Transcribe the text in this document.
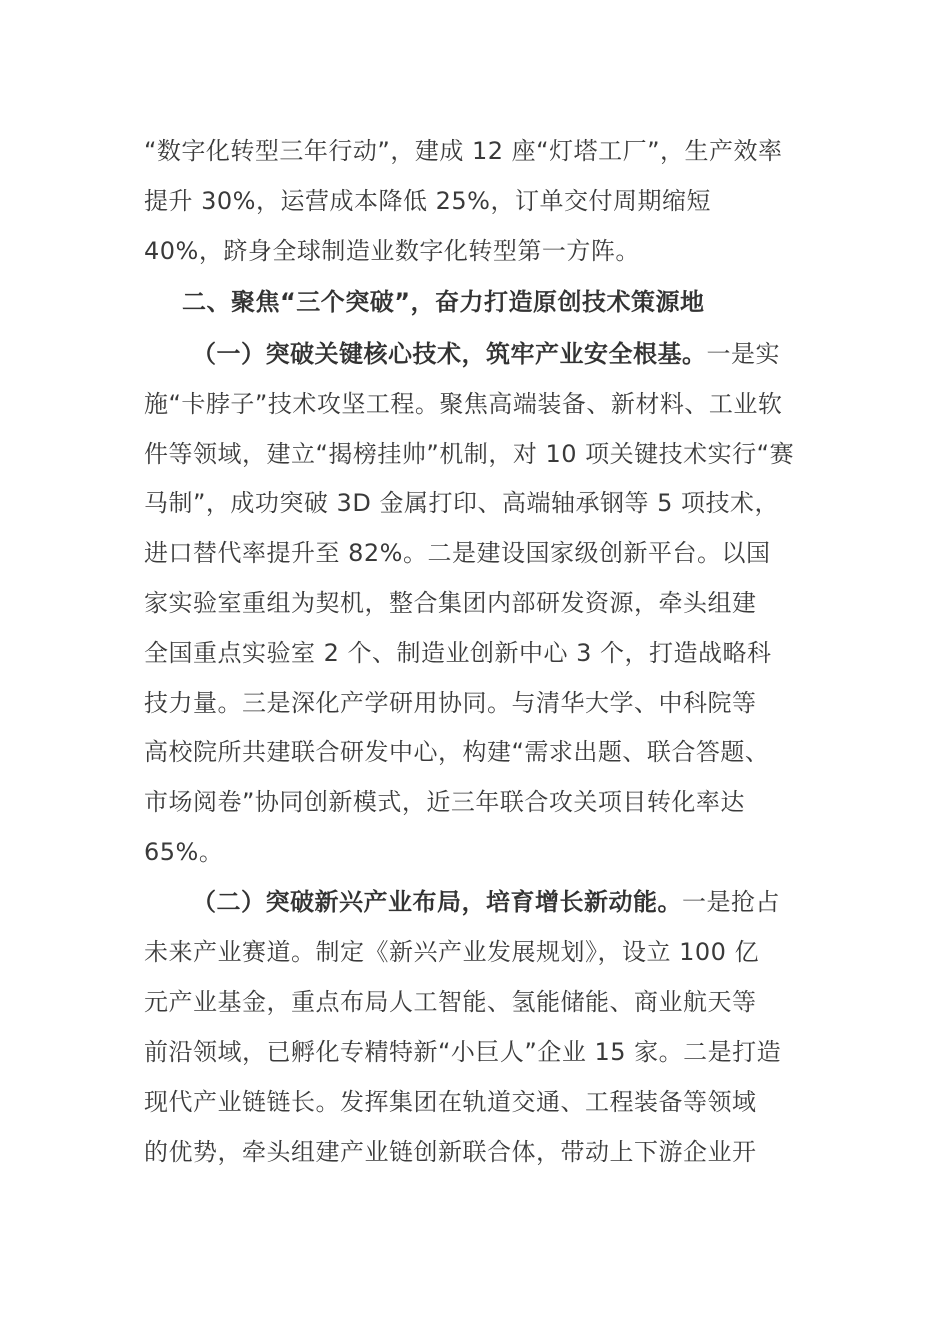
“数字化转型三年行动”，建成 12 座“灯塔工厂”，生产效率
提升 30%，运营成本降低 25%，订单交付周期缩短
40%，跻身全球制造业数字化转型第一方阵。
二、聚焦“三个突破”，奋力打造原创技术策源地
（一）突破关键核心技术，筑牢产业安全根基。一是实
施“卡脖子”技术攻坚工程。聚焦高端装备、新材料、工业软
件等领域，建立“揭榜挂帅”机制，对 10 项关键技术实行“赛
马制”，成功突破 3D 金属打印、高端轴承钢等 5 项技术，
进口替代率提升至 82%。二是建设国家级创新平台。以国
家实验室重组为契机，整合集团内部研发资源，牵头组建
全国重点实验室 2 个、制造业创新中心 3 个，打造战略科
技力量。三是深化产学研用协同。与清华大学、中科院等
高校院所共建联合研发中心，构建“需求出题、联合答题、
市场阅卷”协同创新模式，近三年联合攻关项目转化率达
65%。
（二）突破新兴产业布局，培育增长新动能。一是抢占
未来产业赛道。制定《新兴产业发展规划》，设立 100 亿
元产业基金，重点布局人工智能、氢能储能、商业航天等
前沿领域，已孵化专精特新“小巨人”企业 15 家。二是打造
现代产业链链长。发挥集团在轨道交通、工程装备等领域
的优势，牵头组建产业链创新联合体，带动上下游企业开
